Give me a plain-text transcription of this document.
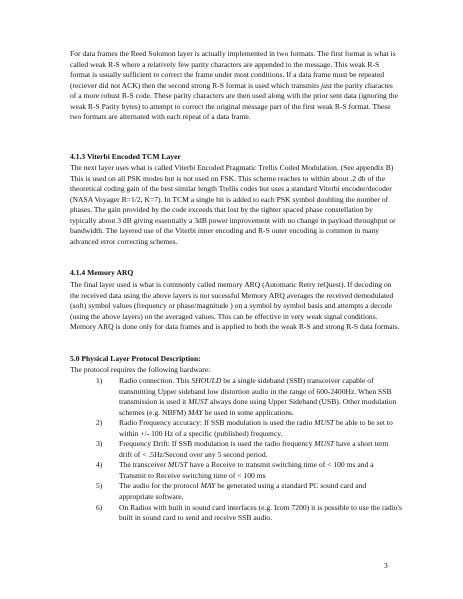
For data frames the Reed Solomon layer is actually implemented in two formats. The first format is what is called weak R-S where a relatively few parity characters are appended to the message. This weak R-S format is usually sufficient to correct the frame under most conditions. If a data frame must be repeated (reciever did not ACK) then the second strong R-S format is used which transmits just the parity charactes of a more robust R-S code. These parity characters are then used along with the prior sent data (ignoring the weak R-S Parity bytes) to attempt to correct the original message part of the first weak R-S format. These two formats are alternated with each repeat of a data frame.

4.1.3 Viterbi Encoded TCM Layer

The next layer uses what is called Viterbi Encoded Pragmatic Trellis Coded Modulation. (See appendix B) This is used on all PSK modes but is not used on FSK. This scheme reaches to within about .2 db of the theoretical coding gain of the best similar length Trellis codes but uses a standard Viterbi encoder/decoder (NASA Voyager R=1/2, K=7). In TCM a single bit is added to each PSK symbol doubling the number of phases. The gain provided by the code exceeds that lost by the tighter spaced phase constellation by typically about 3 dB giving essentially a 3dB power improvement with no change in payload throughput or bandwidth. The layered use of the Viterbi inner encoding and R-S outer encoding is common in many advanced error correcting schemes.

4.1.4 Memory ARQ

The final layer used is what is commonly called memory ARQ (Automatic Retry reQuest). If decoding on the received data using the above layers is not sucessful Memory ARQ averages the received demodulated (soft) symbol values (frequency or phase/magnitude ) on a symbol by symbol basis and attempts a decode (using the above layers) on the averaged values. This can be effective in very weak signal conditions. Memory ARQ is done only for data frames and is applied to both the weak R-S and strong R-S data formats.

5.0 Physical Layer Protocol Description:

The protocol requires the following hardware:

1) Radio connection. This SHOULD be a single sideband (SSB) transceiver capable of transmitting Upper sideband low distortion audio in the range of 600-2400Hz. When SSB transmission is used it MUST always done using Upper Sideband (USB). Other modulation schemes (e.g. NBFM) MAY be used in some applications.
2) Radio Frequency accuracy: If SSB modulation is used the radio MUST be able to be set to within +/- 100 Hz of a specific (published) frequency.
3) Frequency Drift: If SSB modulation is used the radio frequency MUST have a short term drift of < .5Hz/Second over any 5 second period.
4) The transceiver MUST have a Receive to transmit switching time of < 100 ms and a Transmit to Receive switching time of < 100 ms
5) The audio for the protocol MAY be generated using a standard PC sound card and appropriate software.
6) On Radios with built in sound card interfaces (e.g. Icom 7200) it is possible to use the radio's built in sound card to send and receive SSB audio.
3
